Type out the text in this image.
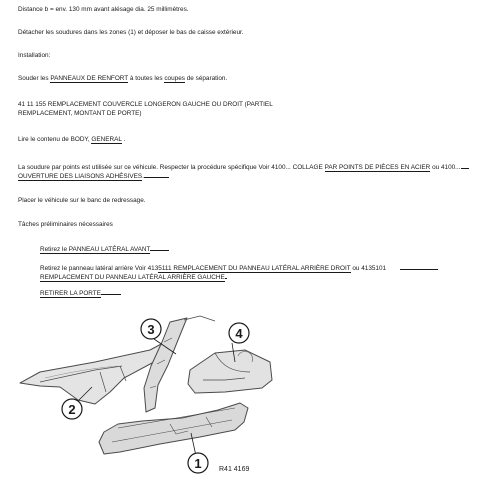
Distance b = env. 130 mm avant alésage dia. 25 millimètres.
Détacher les soudures dans les zones (1) et déposer le bas de caisse extérieur.
Installation:
Souder les PANNEAUX DE RENFORT à toutes les coupes de séparation.
41 11 155 REMPLACEMENT COUVERCLE LONGERON GAUCHE OU DROIT (PARTIEL
REMPLACEMENT, MONTANT DE PORTE)
Lire le contenu de BODY, GENERAL .
La soudure par points est utilisée sur ce véhicule. Respecter la procédure spécifique Voir 4100... COLLAGE PAR POINTS DE PIÈCES EN ACIER ou 4100...
OUVERTURE DES LIAISONS ADHÉSIVES.
Placer le véhicule sur le banc de redressage.
Tâches préliminaires nécessaires
Retirez le PANNEAU LATÉRAL AVANT
Retirez le panneau latéral arrière Voir 4135111 REMPLACEMENT DU PANNEAU LATÉRAL ARRIÈRE DROIT ou 4135101
REMPLACEMENT DU PANNEAU LATÉRAL ARRIÈRE GAUCHE
RETIRER LA PORTE
3	4
2
1 R41 4169
